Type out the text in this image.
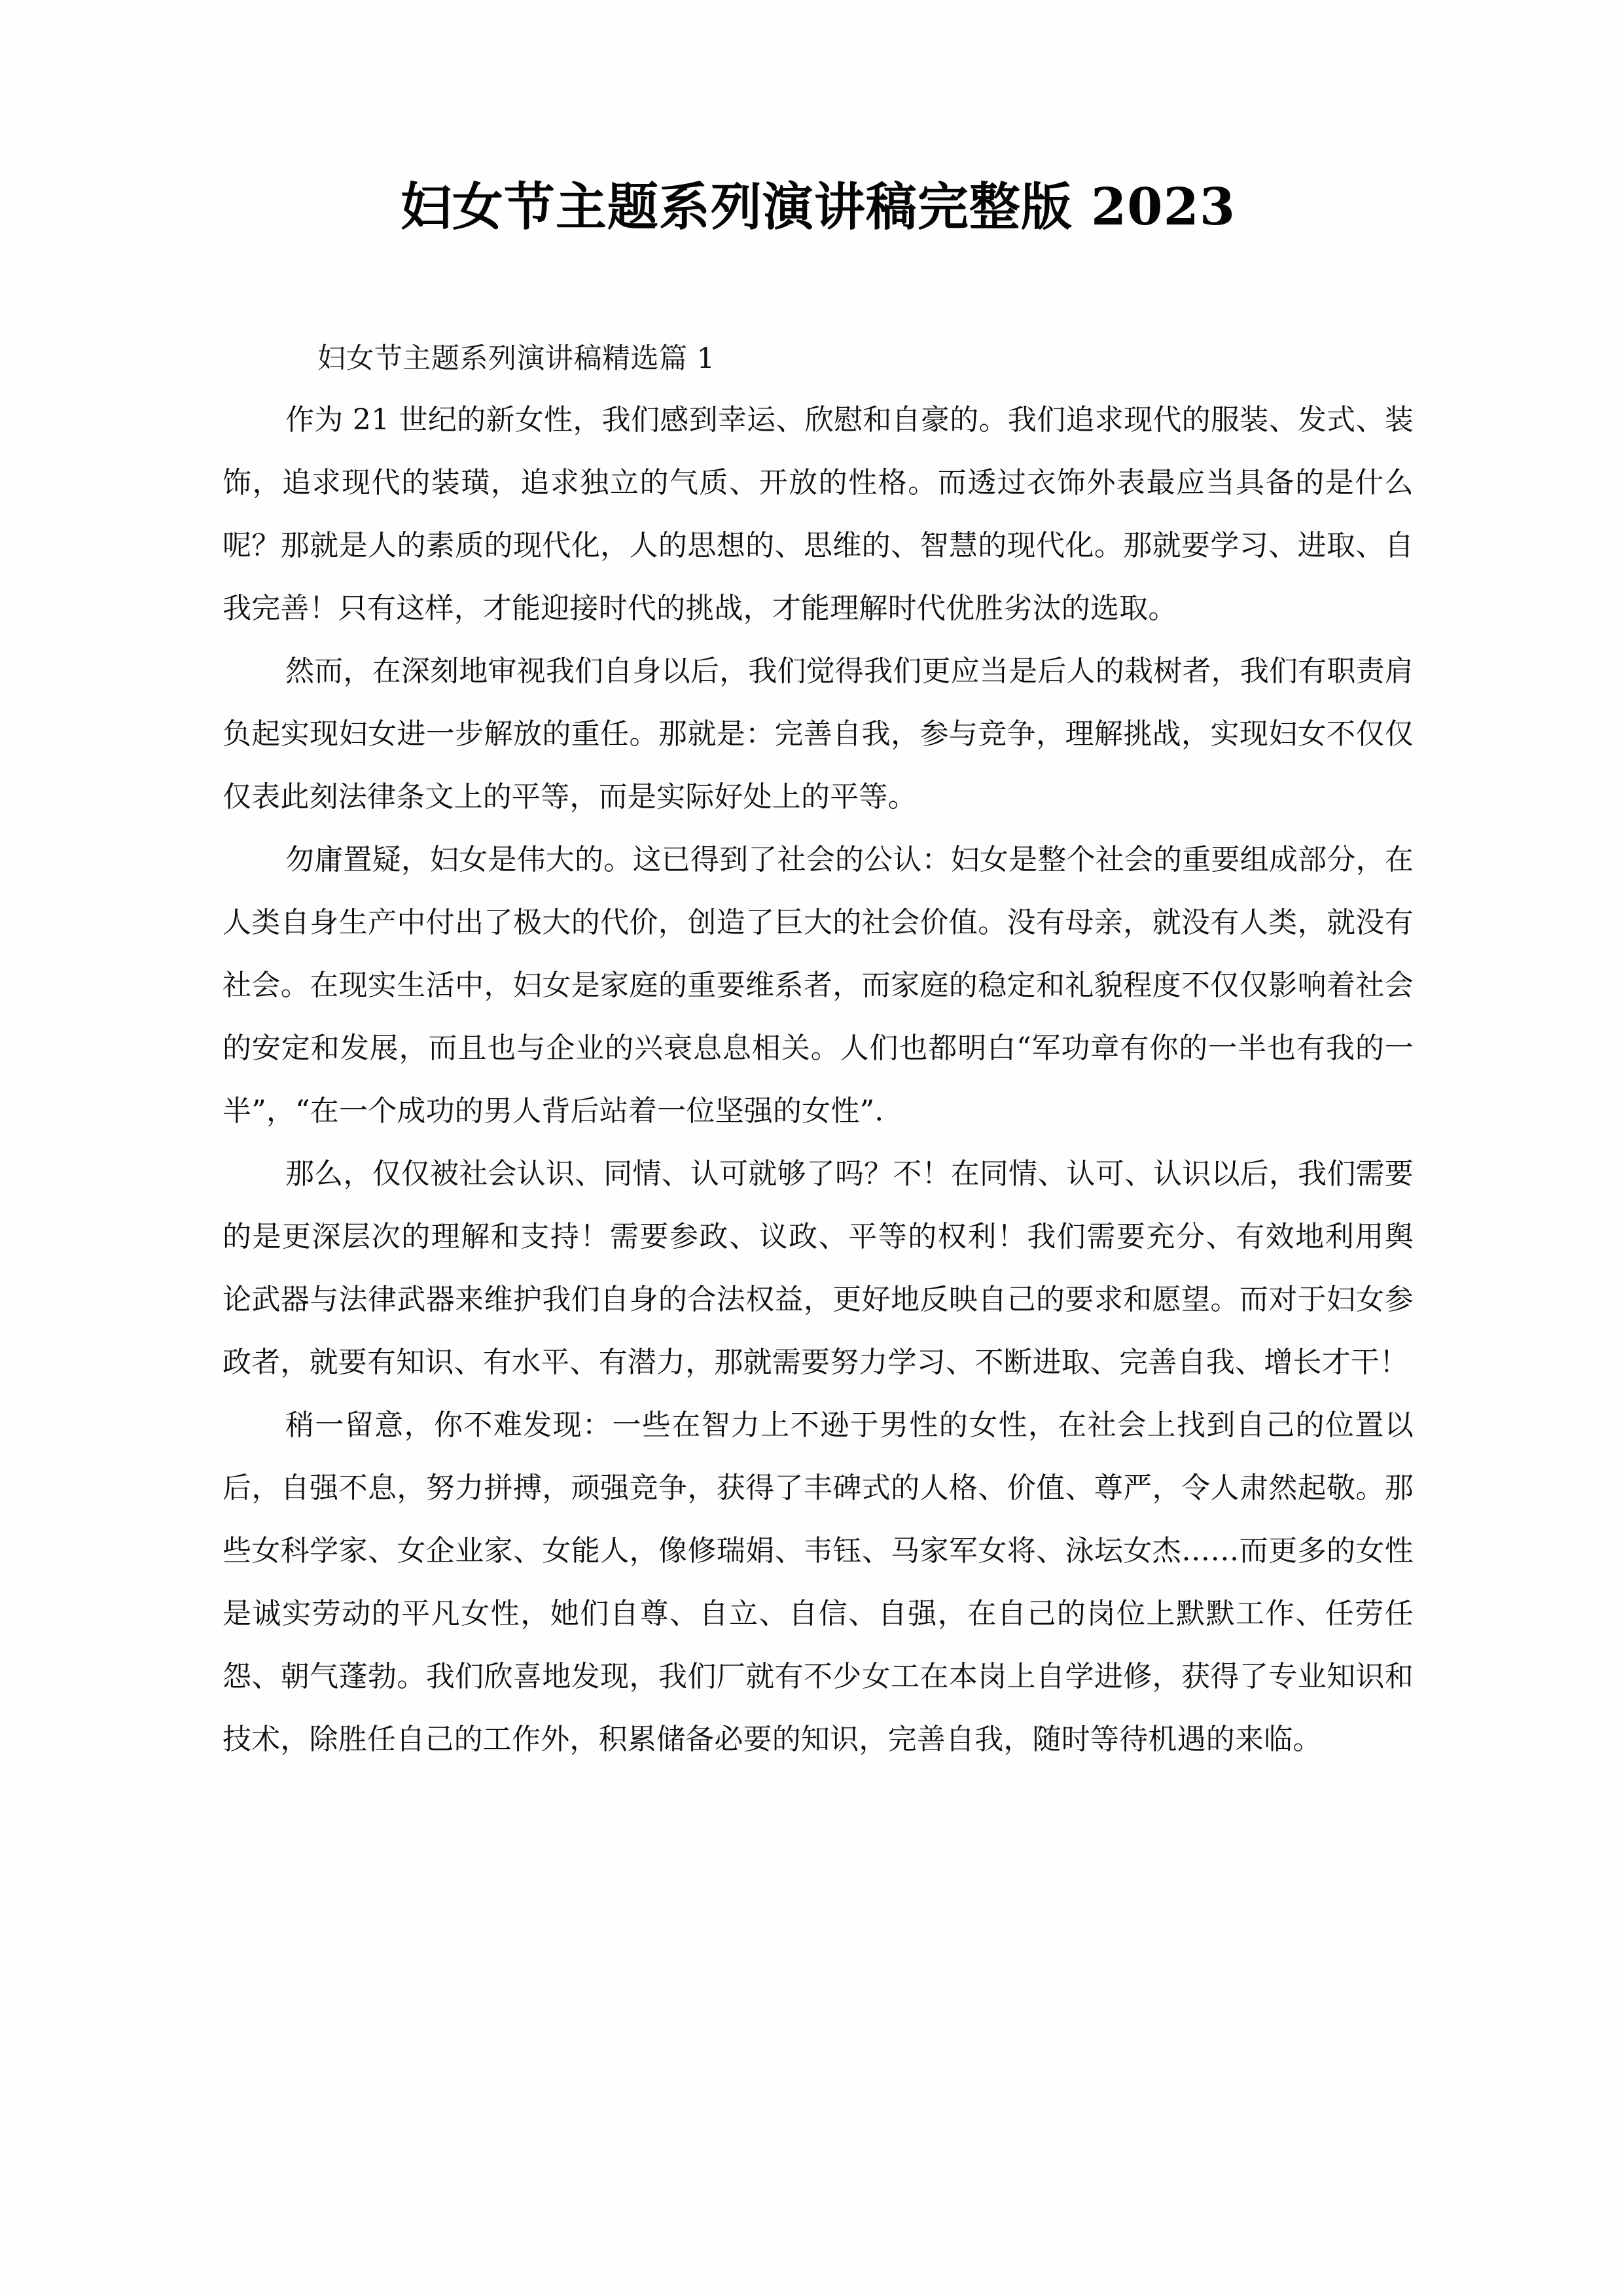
妇女节主题系列演讲稿完整版 2023
妇女节主题系列演讲稿精选篇 1

作为 21 世纪的新女性，我们感到幸运、欣慰和自豪的。我们追求现代的服装、发式、装饰，追求现代的装璜，追求独立的气质、开放的性格。而透过衣饰外表最应当具备的是什么呢？那就是人的素质的现代化，人的思想的、思维的、智慧的现代化。那就要学习、进取、自我完善！只有这样，才能迎接时代的挑战，才能理解时代优胜劣汰的选取。

然而，在深刻地审视我们自身以后，我们觉得我们更应当是后人的栽树者，我们有职责肩负起实现妇女进一步解放的重任。那就是：完善自我，参与竞争，理解挑战，实现妇女不仅仅仅表此刻法律条文上的平等，而是实际好处上的平等。

勿庸置疑，妇女是伟大的。这已得到了社会的公认：妇女是整个社会的重要组成部分，在人类自身生产中付出了极大的代价，创造了巨大的社会价值。没有母亲，就没有人类，就没有社会。在现实生活中，妇女是家庭的重要维系者，而家庭的稳定和礼貌程度不仅仅影响着社会的安定和发展，而且也与企业的兴衰息息相关。人们也都明白“军功章有你的一半也有我的一半”，“在一个成功的男人背后站着一位坚强的女性”.

那么，仅仅被社会认识、同情、认可就够了吗？不！在同情、认可、认识以后，我们需要的是更深层次的理解和支持！需要参政、议政、平等的权利！我们需要充分、有效地利用舆 论武器与法律武器来维护我们自身的合法权益，更好地反映自己的要求和愿望。而对于妇女参政者，就要有知识、有水平、有潜力，那就需要努力学习、不断进取、完善自我、增长才干！

稍一留意，你不难发现：一些在智力上不逊于男性的女性，在社会上找到自己的位置以后，自强不息，努力拼搏，顽强竞争，获得了丰碑式的人格、价值、尊严，令人肃然起敬。那些女科学家、女企业家、女能人，像修瑞娟、韦钰、马家军女将、泳坛女杰……而更多的女性是诚实劳动的平凡女性，她们自尊、自立、自信、自强，在自己的岗位上默默工作、任劳任怨、朝气蓬勃。我们欣喜地发现，我们厂就有不少女工在本岗上自学进修，获得了专业知识和技术，除胜任自己的工作外，积累储备必要的知识，完善自我，随时等待机遇的来临。
